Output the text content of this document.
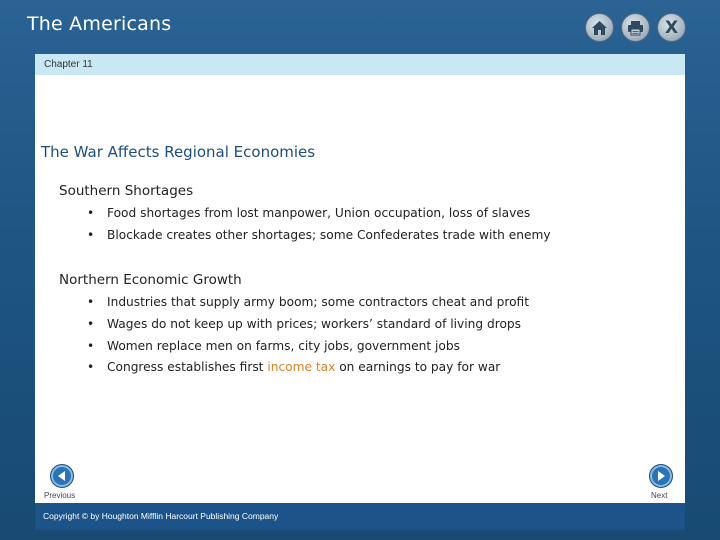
The Americans	X
Chapter 11
The War Affects Regional Economies
Southern Shortages
• Food shortages from lost manpower, Union occupation, loss of slaves
• Blockade creates other shortages; some Confederates trade with enemy
Northern Economic Growth
• Industries that supply army boom; some contractors cheat and profit
• Wages do not keep up with prices; workers’ standard of living drops
• Women replace men on farms, city jobs, government jobs
• Congress establishes first income tax on earnings to pay for war
Previous	Next
Copyright © by Houghton Mifflin Harcourt Publishing Company
